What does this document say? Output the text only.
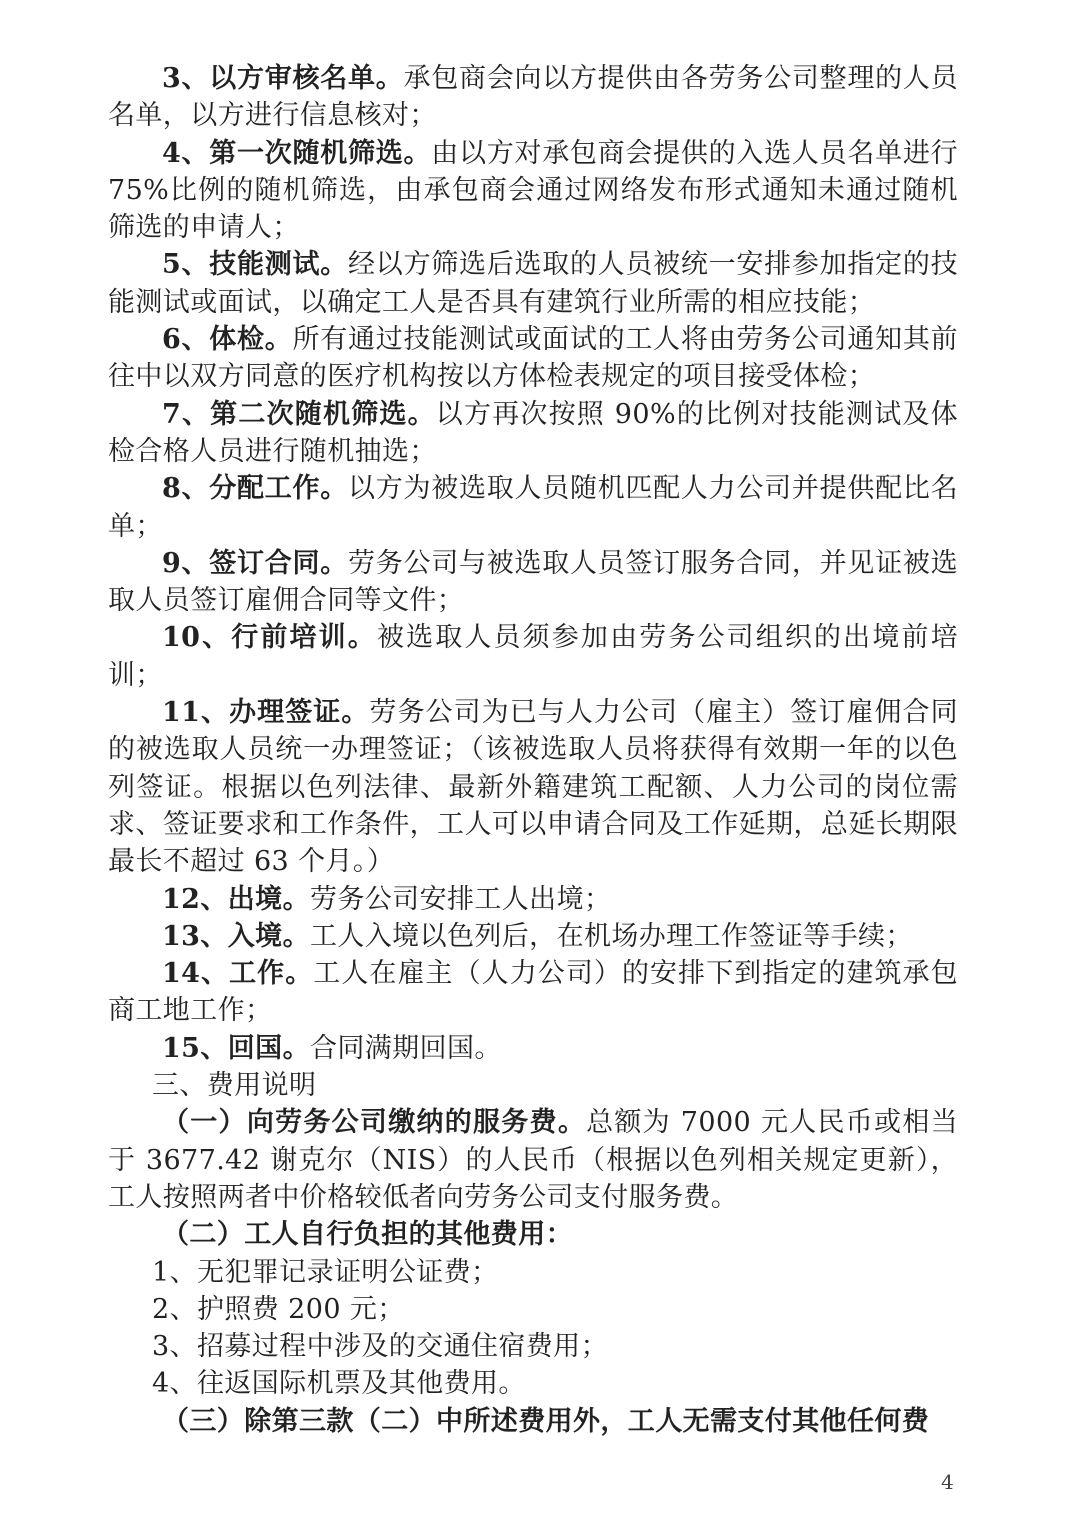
3、以方审核名单。承包商会向以方提供由各劳务公司整理的人员名单，以方进行信息核对；

4、第一次随机筛选。由以方对承包商会提供的入选人员名单进行 75%比例的随机筛选，由承包商会通过网络发布形式通知未通过随机筛选的申请人；

5、技能测试。经以方筛选后选取的人员被统一安排参加指定的技能测试或面试，以确定工人是否具有建筑行业所需的相应技能；

6、体检。所有通过技能测试或面试的工人将由劳务公司通知其前往中以双方同意的医疗机构按以方体检表规定的项目接受体检；

7、第二次随机筛选。以方再次按照 90%的比例对技能测试及体检合格人员进行随机抽选；

8、分配工作。以方为被选取人员随机匹配人力公司并提供配比名单；

9、签订合同。劳务公司与被选取人员签订服务合同，并见证被选取人员签订雇佣合同等文件；

10、行前培训。被选取人员须参加由劳务公司组织的出境前培训；

11、办理签证。劳务公司为已与人力公司（雇主）签订雇佣合同的被选取人员统一办理签证；（该被选取人员将获得有效期一年的以色列签证。根据以色列法律、最新外籍建筑工配额、人力公司的岗位需求、签证要求和工作条件，工人可以申请合同及工作延期，总延长期限最长不超过 63 个月。）

12、出境。劳务公司安排工人出境；

13、入境。工人入境以色列后，在机场办理工作签证等手续；

14、工作。工人在雇主（人力公司）的安排下到指定的建筑承包商工地工作；

15、回国。合同满期回国。

三、费用说明

（一）向劳务公司缴纳的服务费。总额为 7000 元人民币或相当于 3677.42 谢克尔（NIS）的人民币（根据以色列相关规定更新），工人按照两者中价格较低者向劳务公司支付服务费。

（二）工人自行负担的其他费用：

1、无犯罪记录证明公证费；

2、护照费 200 元；

3、招募过程中涉及的交通住宿费用；

4、往返国际机票及其他费用。

（三）除第三款（二）中所述费用外，工人无需支付其他任何费

4
